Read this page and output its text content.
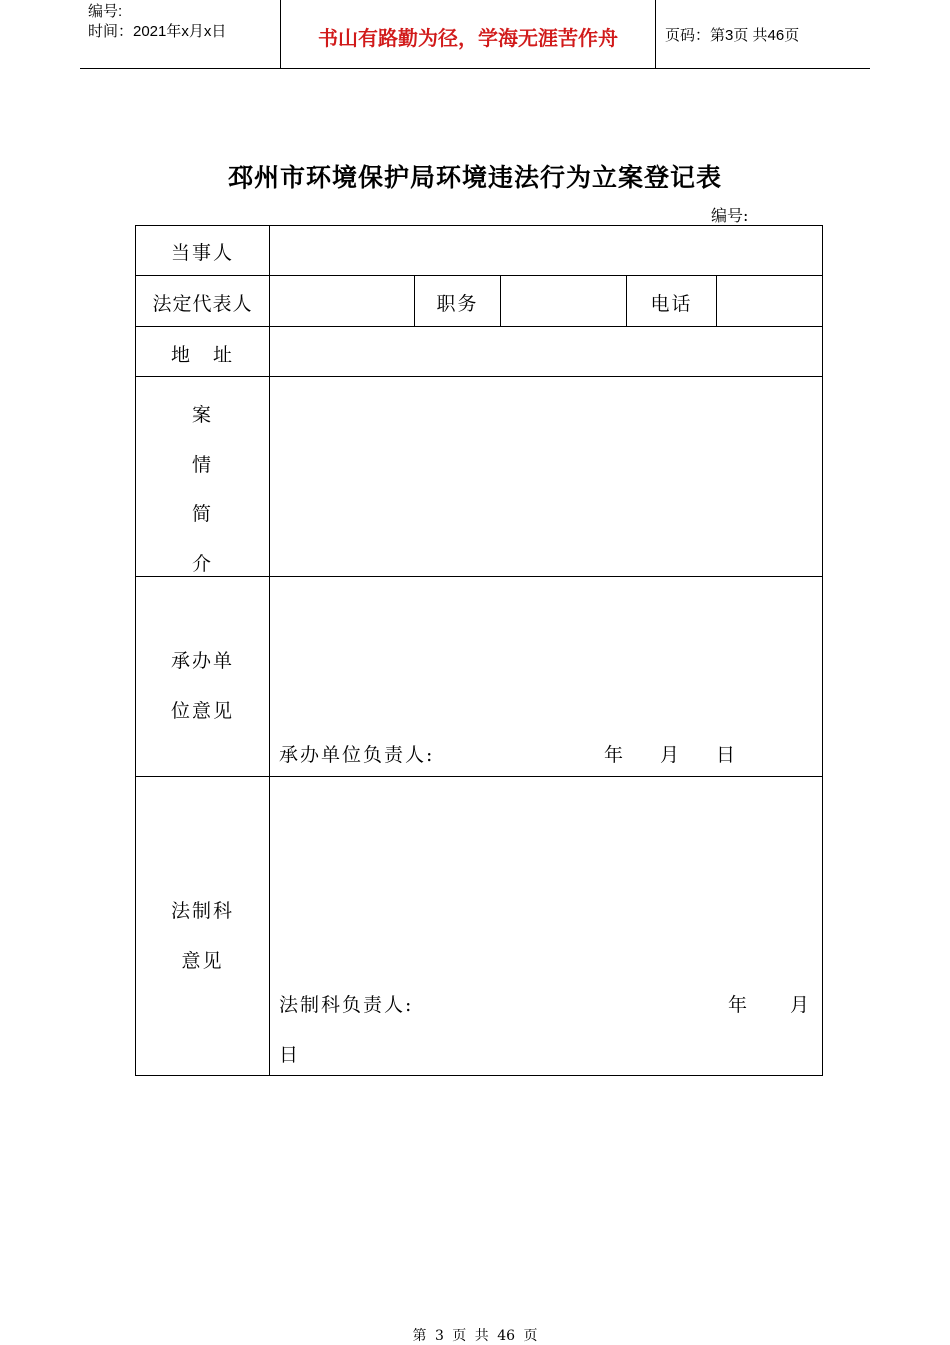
编号:
时间：2021年x月x日	书山有路勤为径，学海无涯苦作舟	页码：第3页 共46页
邳州市环境保护局环境违法行为立案登记表
编号:
当事人
法定代表人	职务	电话
地　址
案
情
简
介
承办单
位意见
承办单位负责人:	年 月 日
法制科
意见
法制科负责人:	年 月
日
第 3 页 共 46 页
